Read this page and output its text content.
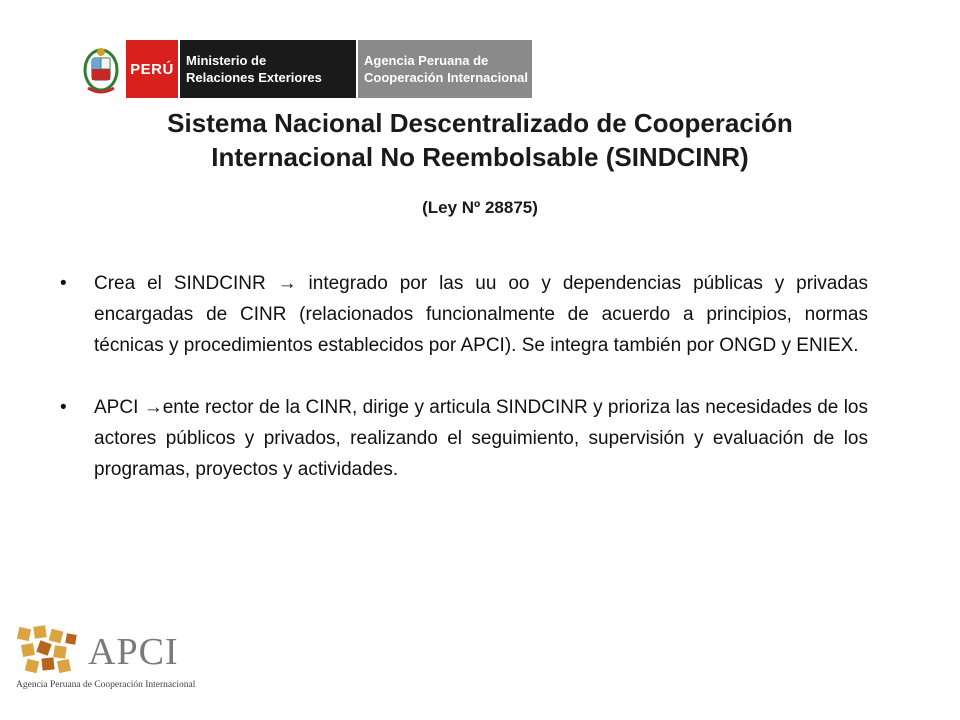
PERÚ Ministerio de
Relaciones Exteriores
Agencia Peruana de
Cooperación Internacional
Sistema Nacional Descentralizado de Cooperación
Internacional No Reembolsable (SINDCINR)
(Ley Nº 28875)
• Crea el SINDCINR → integrado por las uu oo y dependencias públicas y privadas encargadas de CINR (relacionados funcionalmente de acuerdo a principios, normas técnicas y procedimientos establecidos por APCI). Se integra también por ONGD y ENIEX.
• APCI →ente rector de la CINR, dirige y articula SINDCINR y prioriza las necesidades de los actores públicos y privados, realizando el seguimiento, supervisión y evaluación de los programas, proyectos y actividades.
APCI
Agencia Peruana de Cooperación Internacional
